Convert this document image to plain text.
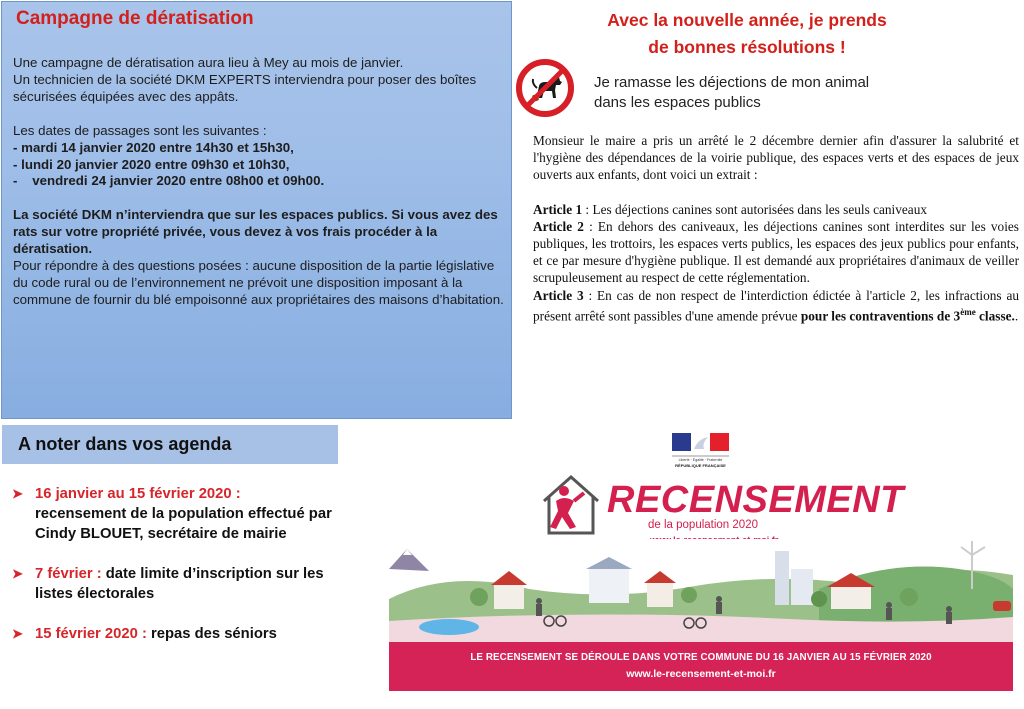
Campagne de dératisation

Une campagne de dératisation aura lieu à Mey au mois de janvier.

Un technicien de la société DKM EXPERTS interviendra pour poser des boîtes sécurisées équipées avec des appâts.

Les dates de passages sont les suivantes :

- mardi 14 janvier 2020 entre 14h30 et 15h30,

- lundi 20 janvier 2020 entre 09h30 et 10h30,

-    vendredi 24 janvier 2020 entre 08h00 et 09h00.

La société DKM n’interviendra que sur les espaces publics. Si vous avez des rats sur votre propriété privée, vous devez à vos frais procéder à la dératisation.

Pour répondre à des questions posées : aucune disposition de la partie législative du code rural ou de l’environnement ne prévoit une disposition imposant à la commune de fournir du blé empoisonné aux propriétaires des maisons d’habitation.

A noter dans vos agenda
➤ 16 janvier au 15 février 2020 :
recensement de la population effectué par Cindy BLOUET, secrétaire de mairie
➤ 7 février : date limite d’inscription sur les listes électorales
➤ 15 février 2020 : repas des séniors
Avec la nouvelle année, je prends
de bonnes résolutions !
Je ramasse les déjections de mon animal
dans les espaces publics

Monsieur le maire a pris un arrêté le 2 décembre dernier afin d'assurer la salubrité et l'hygiène des dépendances de la voirie publique, des espaces verts et des espaces de jeux ouverts aux enfants, dont voici un extrait :

Article 1 : Les déjections canines sont autorisées dans les seuls caniveaux

Article 2 : En dehors des caniveaux, les déjections canines sont interdites sur les voies publiques, les trottoirs, les espaces verts publics, les espaces des jeux publics pour enfants, et ce par mesure d'hygiène publique. Il est demandé aux propriétaires d'animaux de veiller scrupuleusement au respect de cette réglementation.

Article 3 : En cas de non respect de l'interdiction édictée à l'article 2, les infractions au présent arrêté sont passibles d'une amende prévue pour les contraventions de 3ème classe..

Liberté · Égalité · Fraternité
RÉPUBLIQUE FRANÇAISE
RECENSEMENT
de la population 2020
LE RECENSEMENT SE DÉROULE DANS VOTRE COMMUNE DU 16 JANVIER AU 15 FÉVRIER 2020
www.le-recensement-et-moi.fr
